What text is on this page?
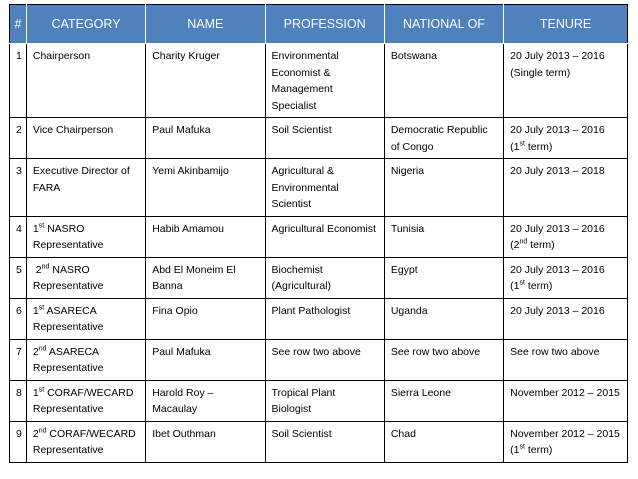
#	CATEGORY	NAME	PROFESSION	NATIONAL OF	TENURE
1	Chairperson	Charity Kruger	Environmental Economist & Management Specialist	Botswana	20 July 2013 – 2016 (Single term)
2	Vice Chairperson	Paul Mafuka	Soil Scientist	Democratic Republic of Congo	20 July 2013 – 2016 (1st term)
3	Executive Director of FARA	Yemi Akinbamijo	Agricultural & Environmental Scientist	Nigeria	20 July 2013 – 2018
4	1st NASRO Representative	Habib Amamou	Agricultural Economist	Tunisia	20 July 2013 – 2016 (2nd term)
5	2nd NASRO Representative	Abd El Moneim El Banna	Biochemist (Agricultural)	Egypt	20 July 2013 – 2016 (1st term)
6	1st ASARECA Representative	Fina Opio	Plant Pathologist	Uganda	20 July 2013 – 2016
7	2nd ASARECA Representative	Paul Mafuka	See row two above	See row two above	See row two above
8	1st CORAF/WECARD Representative	Harold Roy – Macaulay	Tropical Plant Biologist	Sierra Leone	November 2012 – 2015
9	2nd CORAF/WECARD Representative	Ibet Outhman	Soil Scientist	Chad	November 2012 – 2015 (1st term)
